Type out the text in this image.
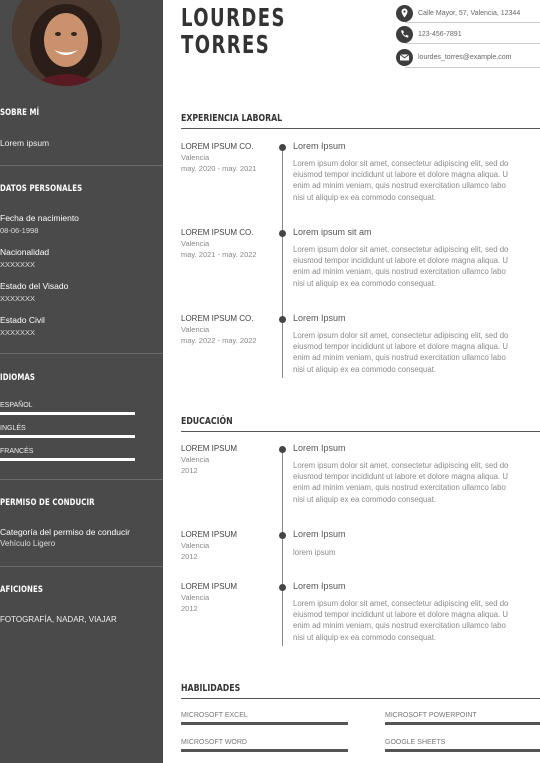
SOBRE MÍ
Lorem ipsum
DATOS PERSONALES
Fecha de nacimiento
08-06-1998
Nacionalidad
XXXXXXX
Estado del Visado
XXXXXXX
Estado Civil
XXXXXXX
IDIOMAS
ESPAÑOL
INGLÉS
FRANCÉS
PERMISO DE CONDUCIR
Categoría del permiso de conducir
Vehículo Ligero
AFICIONES
FOTOGRAFÍA, NADAR, VIAJAR
LOURDES
TORRES
Calle Mayor, 57, Valencia, 12344
123-456-7891
lourdes_torres@example.com
EXPERIENCIA LABORAL
LOREM IPSUM CO.
Valencia
may. 2020 - may. 2021
Lorem Ipsum
Lorem ipsum dolor sit amet, consectetur adipiscing elit, sed do
eiusmod tempor incididunt ut labore et dolore magna aliqua. U
enim ad minim veniam, quis nostrud exercitation ullamco labo
nisi ut aliquip ex ea commodo consequat.
LOREM IPSUM CO.
Valencia
may. 2021 - may. 2022
Lorem ipsum sit am
Lorem ipsum dolor sit amet, consectetur adipiscing elit, sed do
eiusmod tempor incididunt ut labore et dolore magna aliqua. U
enim ad minim veniam, quis nostrud exercitation ullamco labo
nisi ut aliquip ex ea commodo consequat.
LOREM IPSUM CO.
Valencia
may. 2022 - may. 2022
Lorem Ipsum
Lorem ipsum dolor sit amet, consectetur adipiscing elit, sed do
eiusmod tempor incididunt ut labore et dolore magna aliqua. U
enim ad minim veniam, quis nostrud exercitation ullamco labo
nisi ut aliquip ex ea commodo consequat.
EDUCACIÓN
LOREM IPSUM
Valencia
2012
Lorem Ipsum
Lorem ipsum dolor sit amet, consectetur adipiscing elit, sed do
eiusmod tempor incididunt ut labore et dolore magna aliqua. U
enim ad minim veniam, quis nostrud exercitation ullamco labo
nisi ut aliquip ex ea commodo consequat.
LOREM IPSUM
Valencia
2012
Lorem Ipsum
lorem ipsum
LOREM IPSUM
Valencia
2012
Lorem Ipsum
Lorem ipsum dolor sit amet, consectetur adipiscing elit, sed do
eiusmod tempor incididunt ut labore et dolore magna aliqua. U
enim ad minim veniam, quis nostrud exercitation ullamco labo
nisi ut aliquip ex ea commodo consequat.
HABILIDADES
MICROSOFT EXCEL	MICROSOFT POWERPOINT
MICROSOFT WORD	GOOGLE SHEETS
